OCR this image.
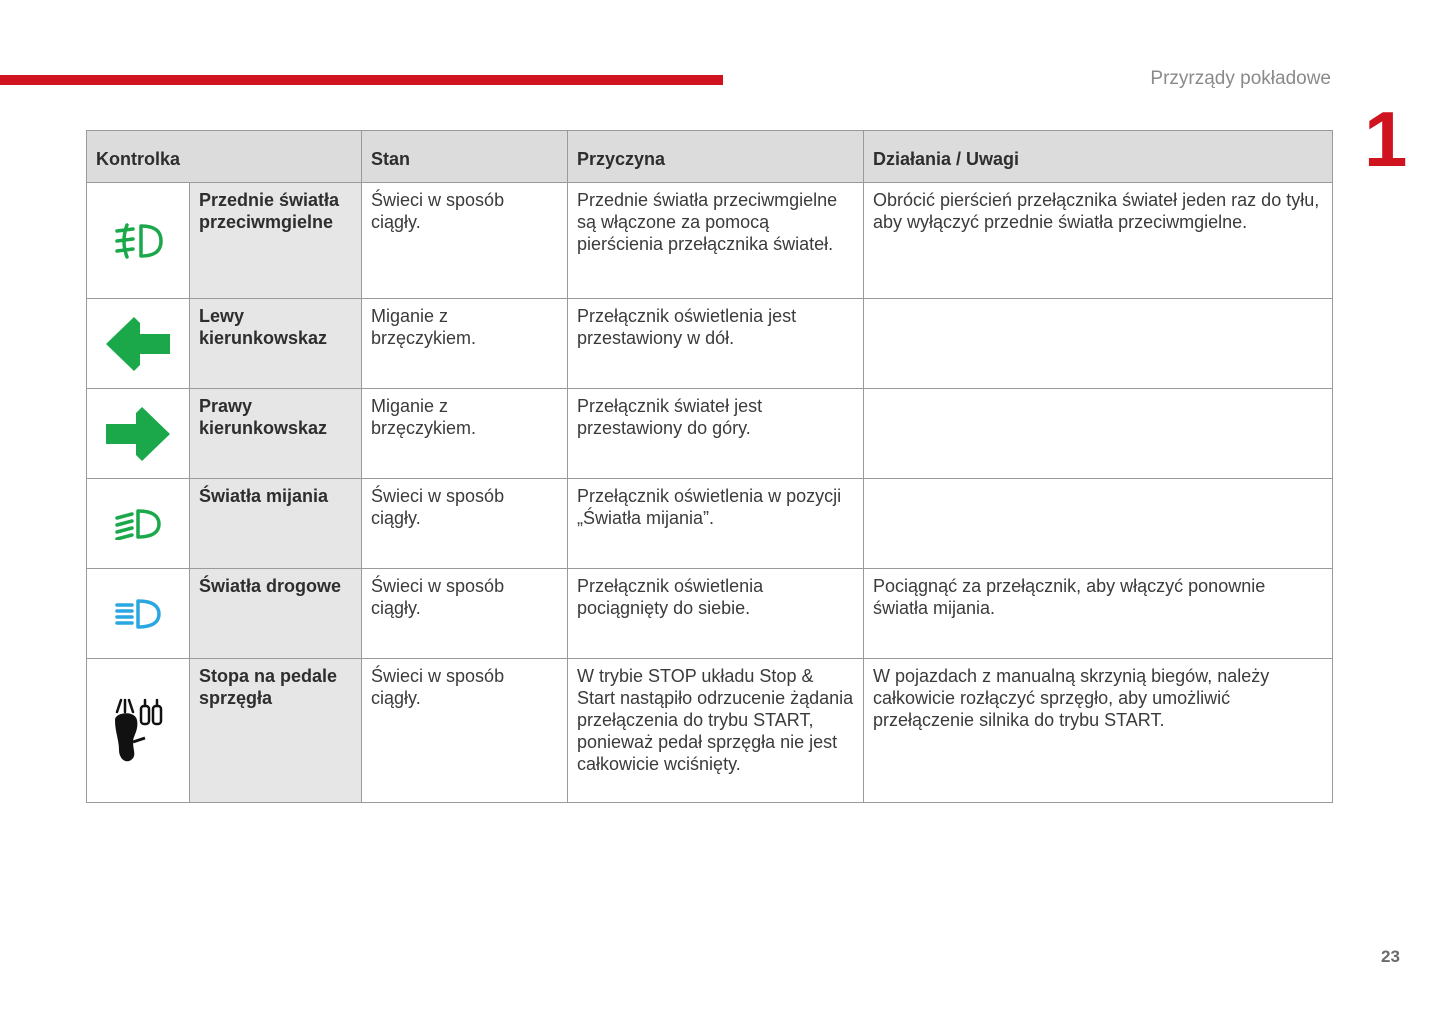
Przyrządy pokładowe
1
Kontrolka		Stan	Przyczyna	Działania / Uwagi

	Przednie światła przeciwmgielne	Świeci w sposób ciągły.	Przednie światła przeciwmgielne są włączone za pomocą pierścienia przełącznika świateł.	Obrócić pierścień przełącznika świateł jeden raz do tyłu, aby wyłączyć przednie światła przeciwmgielne.

	Lewy kierunkowskaz	Miganie z brzęczykiem.	Przełącznik oświetlenia jest przestawiony w dół.	

	Prawy kierunkowskaz	Miganie z brzęczykiem.	Przełącznik świateł jest przestawiony do góry.	

	Światła mijania	Świeci w sposób ciągły.	Przełącznik oświetlenia w pozycji „Światła mijania”.	

	Światła drogowe	Świeci w sposób ciągły.	Przełącznik oświetlenia pociągnięty do siebie.	Pociągnąć za przełącznik, aby włączyć ponownie światła mijania.

	Stopa na pedale sprzęgła	Świeci w sposób ciągły.	W trybie STOP układu Stop & Start nastąpiło odrzucenie żądania przełączenia do trybu START, ponieważ pedał sprzęgła nie jest całkowicie wciśnięty.	W pojazdach z manualną skrzynią biegów, należy całkowicie rozłączyć sprzęgło, aby umożliwić przełączenie silnika do trybu START.
23
